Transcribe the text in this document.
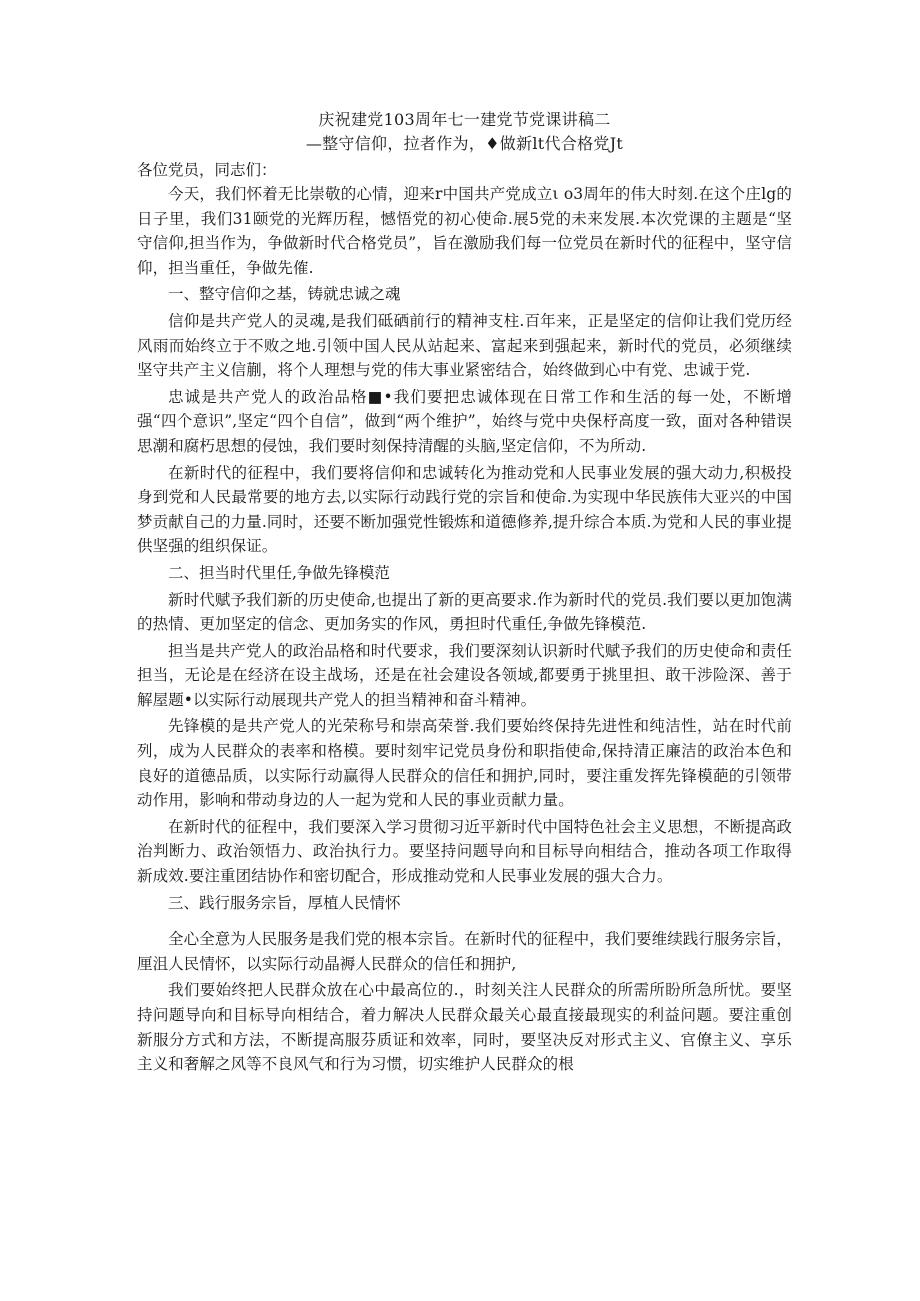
庆祝建党103周年七一建党节党课讲稿二
—整守信仰，拉者作为，♦做新lt代合格党Jt

各位党员，同志们：

今天，我们怀着无比崇敬的心情，迎来r中国共产党成立ι o3周年的伟大时刻.在这个庄lg的日子里，我们31颐党的光辉历程，憾悟党的初心使命.展5党的未来发展.本次党课的主题是“坚守信仰,担当作为，争做新时代合格党员”，旨在激励我们每一位党员在新时代的征程中，坚守信仰，担当重任，争做先傕.

一、整守信仰之基，铸就忠诚之魂

信仰是共产党人的灵魂,是我们砥硒前行的精神支柱.百年来，正是坚定的信仰让我们党历经风雨而始终立于不败之地.引领中国人民从站起来、富起来到强起来，新时代的党员，必须继续坚守共产主义信蒯，将个人理想与党的伟大事业紧密结合，始终做到心中有党、忠诚于党.

忠诚是共产党人的政治品格■•我们要把忠诚体现在日常工作和生活的每一处，不断增强“四个意识”,坚定“四个自信”，做到“两个维护”，始终与党中央保杼高度一致，面对各种错误思潮和腐朽思想的侵蚀，我们要时刻保持清醒的头脑,坚定信仰，不为所动.

在新时代的征程中，我们要将信仰和忠诚转化为推动党和人民事业发展的强大动力,积极投身到党和人民最常要的地方去,以实际行动践行党的宗旨和使命.为实现中华民族伟大亚兴的中国梦贡献自己的力量.同时，还要不断加强党性锻炼和道德修养,提升综合本质.为党和人民的事业提供坚强的组织保证。

二、担当时代里任,争做先锋模范

新时代赋予我们新的历史使命,也提出了新的更高要求.作为新时代的党员.我们要以更加饱满的热情、更加坚定的信念、更加务实的作风，勇担时代重任,争做先锋模范.

担当是共产党人的政治品格和时代要求，我们要深刻认识新时代赋予我们的历史使命和责任担当，无论是在经济在设主战场，还是在社会建设各领域,都要勇于挑里担、敢干涉险深、善于解屋题•以实际行动展现共产党人的担当精神和奋斗精神。

先锋模的是共产党人的光荣称号和崇高荣誉.我们要始终保持先进性和纯洁性，站在时代前列，成为人民群众的表率和格模。要时刻牢记党员身份和职指使命,保持清正廉洁的政治本色和良好的道德品质，以实际行动赢得人民群众的信任和拥护,同时，要注重发挥先锋模葩的引领带动作用，影响和带动身边的人一起为党和人民的事业贡献力量。

在新时代的征程中，我们要深入学习贯彻习近平新时代中国特色社会主义思想，不断提高政治判断力、政治领悟力、政治执行力。要坚持问题导向和目标导向相结合，推动各项工作取得新成效.要注重团结协作和密切配合，形成推动党和人民事业发展的强大合力。

三、践行服务宗旨，厚植人民情怀

全心全意为人民服务是我们党的根本宗旨。在新时代的征程中，我们要维续践行服务宗旨，厘沮人民情怀，以实际行动晶褥人民群众的信任和拥护,

我们要始终把人民群众放在心中最高位的.，时刻关注人民群众的所需所盼所急所忧。要坚持问题导向和目标导向相结合，着力解决人民群众最关心最直接最现实的利益问题。要注重创新服分方式和方法，不断提高服芬质证和效率，同时，要坚决反对形式主义、官僚主义、享乐主义和奢解之风等不良风气和行为习惯，切实维护人民群众的根
